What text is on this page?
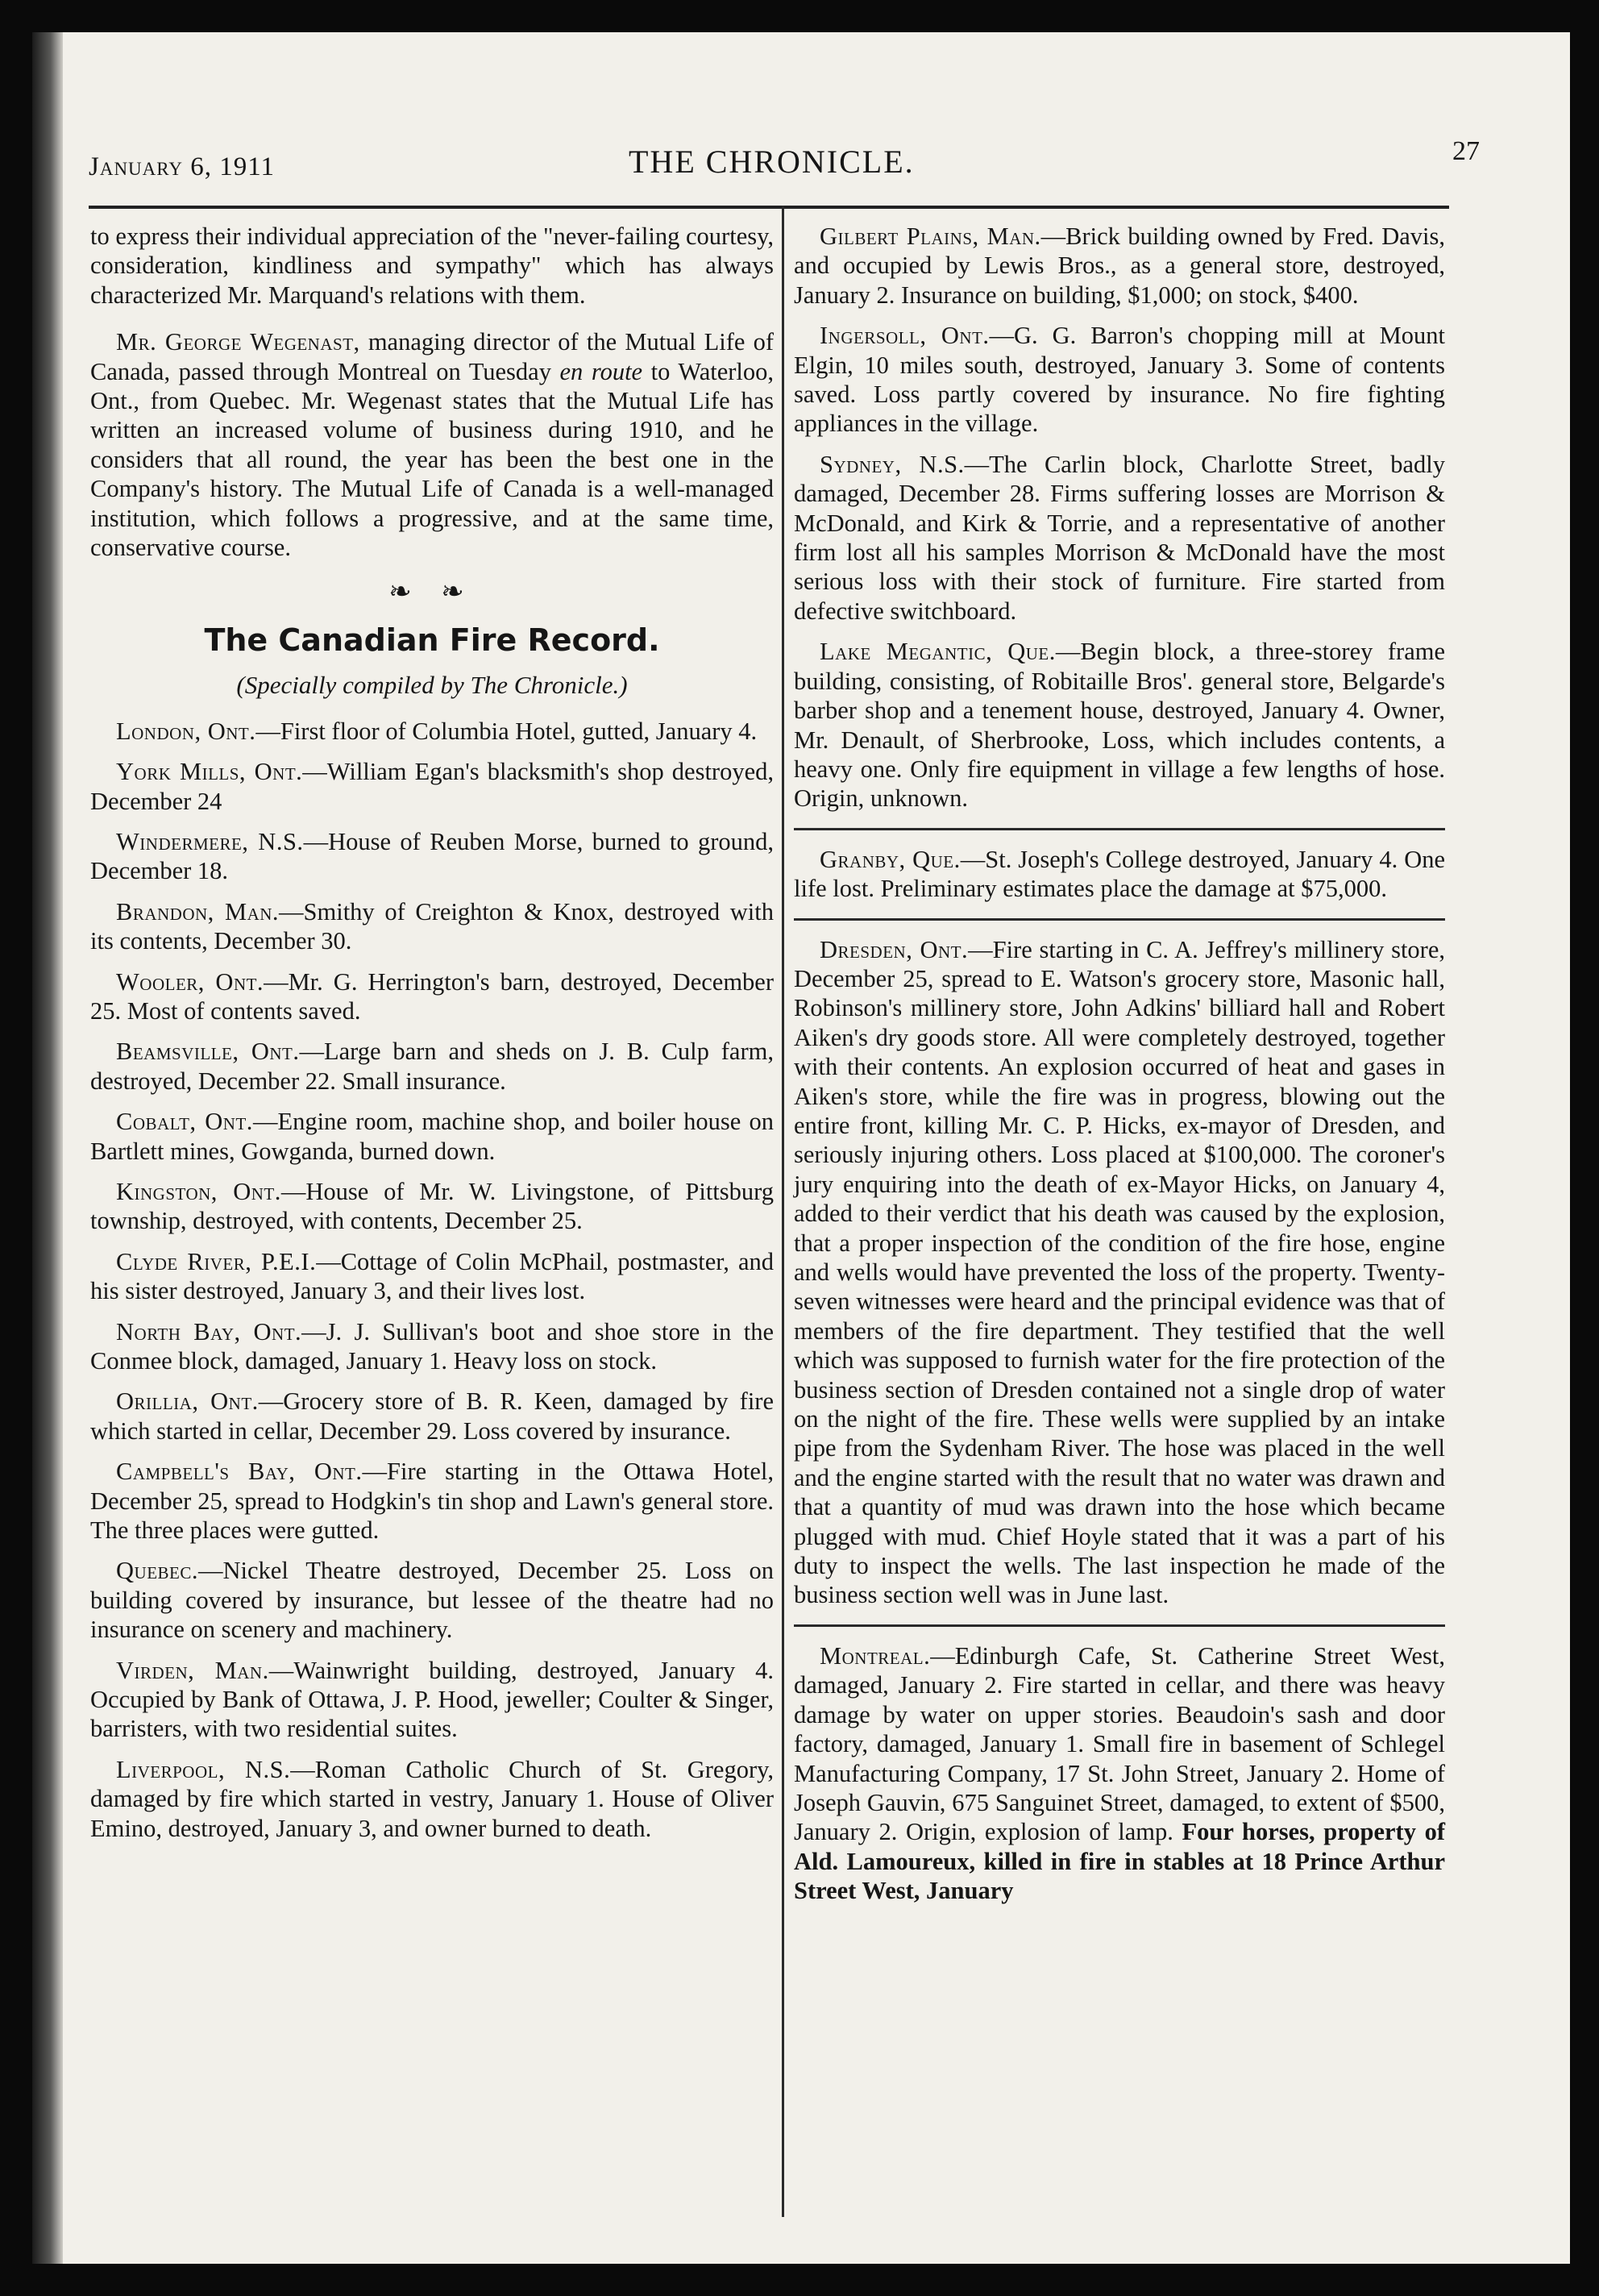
January 6, 1911	THE CHRONICLE.	27

to express their individual appreciation of the "never-failing courtesy, consideration, kindliness and sympathy" which has always characterized Mr. Marquand's relations with them.

Mr. George Wegenast, managing director of the Mutual Life of Canada, passed through Montreal on Tuesday en route to Waterloo, Ont., from Quebec. Mr. Wegenast states that the Mutual Life has written an increased volume of business during 1910, and he considers that all round, the year has been the best one in the Company's history. The Mutual Life of Canada is a well-managed institution, which follows a progressive, and at the same time, conservative course.

❧ ❧
The Canadian Fire Record.
(Specially compiled by The Chronicle.)

London, Ont.—First floor of Columbia Hotel, gutted, January 4.

York Mills, Ont.—William Egan's blacksmith's shop destroyed, December 24

Windermere, N.S.—House of Reuben Morse, burned to ground, December 18.

Brandon, Man.—Smithy of Creighton & Knox, destroyed with its contents, December 30.

Wooler, Ont.—Mr. G. Herrington's barn, destroyed, December 25. Most of contents saved.

Beamsville, Ont.—Large barn and sheds on J. B. Culp farm, destroyed, December 22. Small insurance.

Cobalt, Ont.—Engine room, machine shop, and boiler house on Bartlett mines, Gowganda, burned down.

Kingston, Ont.—House of Mr. W. Livingstone, of Pittsburg township, destroyed, with contents, December 25.

Clyde River, P.E.I.—Cottage of Colin McPhail, postmaster, and his sister destroyed, January 3, and their lives lost.

North Bay, Ont.—J. J. Sullivan's boot and shoe store in the Conmee block, damaged, January 1. Heavy loss on stock.

Orillia, Ont.—Grocery store of B. R. Keen, damaged by fire which started in cellar, December 29. Loss covered by insurance.

Campbell's Bay, Ont.—Fire starting in the Ottawa Hotel, December 25, spread to Hodgkin's tin shop and Lawn's general store. The three places were gutted.

Quebec.—Nickel Theatre destroyed, December 25. Loss on building covered by insurance, but lessee of the theatre had no insurance on scenery and machinery.

Virden, Man.—Wainwright building, destroyed, January 4. Occupied by Bank of Ottawa, J. P. Hood, jeweller; Coulter & Singer, barristers, with two residential suites.

Liverpool, N.S.—Roman Catholic Church of St. Gregory, damaged by fire which started in vestry, January 1. House of Oliver Emino, destroyed, January 3, and owner burned to death.

Gilbert Plains, Man.—Brick building owned by Fred. Davis, and occupied by Lewis Bros., as a general store, destroyed, January 2. Insurance on building, $1,000; on stock, $400.

Ingersoll, Ont.—G. G. Barron's chopping mill at Mount Elgin, 10 miles south, destroyed, January 3. Some of contents saved. Loss partly covered by insurance. No fire fighting appliances in the village.

Sydney, N.S.—The Carlin block, Charlotte Street, badly damaged, December 28. Firms suffering losses are Morrison & McDonald, and Kirk & Torrie, and a representative of another firm lost all his samples Morrison & McDonald have the most serious loss with their stock of furniture. Fire started from defective switchboard.

Lake Megantic, Que.—Begin block, a three-storey frame building, consisting, of Robitaille Bros'. general store, Belgarde's barber shop and a tenement house, destroyed, January 4. Owner, Mr. Denault, of Sherbrooke, Loss, which includes contents, a heavy one. Only fire equipment in village a few lengths of hose. Origin, unknown.

Granby, Que.—St. Joseph's College destroyed, January 4. One life lost. Preliminary estimates place the damage at $75,000.

Dresden, Ont.—Fire starting in C. A. Jeffrey's millinery store, December 25, spread to E. Watson's grocery store, Masonic hall, Robinson's millinery store, John Adkins' billiard hall and Robert Aiken's dry goods store. All were completely destroyed, together with their contents. An explosion occurred of heat and gases in Aiken's store, while the fire was in progress, blowing out the entire front, killing Mr. C. P. Hicks, ex-mayor of Dresden, and seriously injuring others. Loss placed at $100,000. The coroner's jury enquiring into the death of ex-Mayor Hicks, on January 4, added to their verdict that his death was caused by the explosion, that a proper inspection of the condition of the fire hose, engine and wells would have prevented the loss of the property. Twenty-seven witnesses were heard and the principal evidence was that of members of the fire department. They testified that the well which was supposed to furnish water for the fire protection of the business section of Dresden contained not a single drop of water on the night of the fire. These wells were supplied by an intake pipe from the Sydenham River. The hose was placed in the well and the engine started with the result that no water was drawn and that a quantity of mud was drawn into the hose which became plugged with mud. Chief Hoyle stated that it was a part of his duty to inspect the wells. The last inspection he made of the business section well was in June last.

Montreal.—Edinburgh Cafe, St. Catherine Street West, damaged, January 2. Fire started in cellar, and there was heavy damage by water on upper stories. Beaudoin's sash and door factory, damaged, January 1. Small fire in basement of Schlegel Manufacturing Company, 17 St. John Street, January 2. Home of Joseph Gauvin, 675 Sanguinet Street, damaged, to extent of $500, January 2. Origin, explosion of lamp. Four horses, property of Ald. Lamoureux, killed in fire in stables at 18 Prince Arthur Street West, January
